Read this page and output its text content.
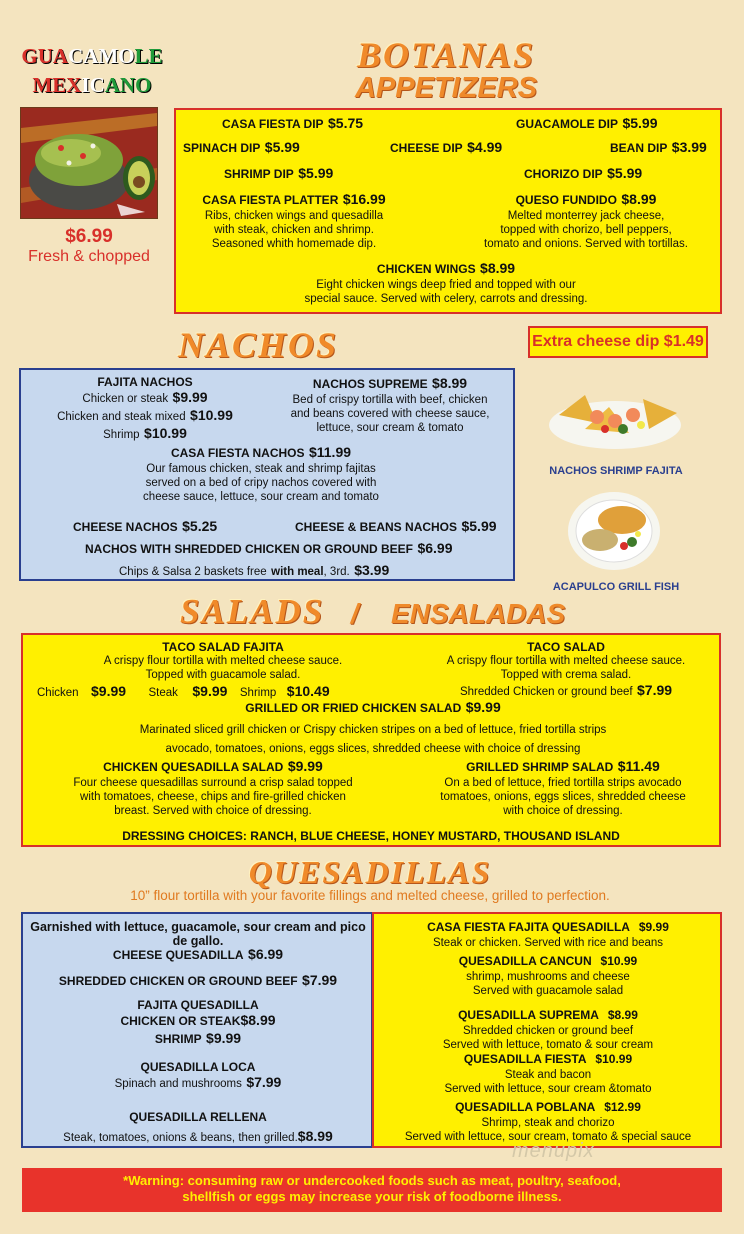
GUACAMOLE
MEXICANO
$6.99
Fresh & chopped
BOTANAS
APPETIZERS
CASA FIESTA DIP $5.75	GUACAMOLE DIP $5.99
SPINACH DIP $5.99	CHEESE DIP $4.99	BEAN DIP $3.99
SHRIMP DIP $5.99	CHORIZO DIP $5.99
CASA FIESTA PLATTER $16.99
Ribs, chicken wings and quesadilla
with steak, chicken and shrimp.
Seasoned whith homemade dip.
QUESO FUNDIDO $8.99
Melted monterrey jack cheese,
topped with chorizo, bell peppers,
tomato and onions. Served with tortillas.
CHICKEN WINGS $8.99
Eight chicken wings deep fried and topped with our
special sauce. Served with celery, carrots and dressing.
NACHOS	Extra cheese dip $1.49
FAJITA NACHOS
Chicken or steak $9.99
Chicken and steak mixed $10.99
Shrimp $10.99
NACHOS SUPREME $8.99
Bed of crispy tortilla with beef, chicken
and beans covered with cheese sauce,
lettuce, sour cream & tomato
CASA FIESTA NACHOS $11.99
Our famous chicken, steak and shrimp fajitas
served on a bed of cripy nachos covered with
cheese sauce, lettuce, sour cream and tomato
CHEESE NACHOS $5.25	CHEESE & BEANS NACHOS $5.99
NACHOS WITH SHREDDED CHICKEN OR GROUND BEEF $6.99
Chips & Salsa 2 baskets free with meal, 3rd. $3.99
NACHOS SHRIMP FAJITA
ACAPULCO GRILL FISH
SALADS / ENSALADAS
TACO SALAD FAJITA
A crispy flour tortilla with melted cheese sauce.
Topped with guacamole salad.
Chicken $9.99 Steak $9.99 Shrimp $10.49
TACO SALAD
A crispy flour tortilla with melted cheese sauce.
Topped with crema salad.
Shredded Chicken or ground beef $7.99
GRILLED OR FRIED CHICKEN SALAD $9.99
Marinated sliced grill chicken or Crispy chicken stripes on a bed of lettuce, fried tortilla strips
avocado, tomatoes, onions, eggs slices, shredded cheese with choice of dressing
CHICKEN QUESADILLA SALAD $9.99
Four cheese quesadillas surround a crisp salad topped
with tomatoes, cheese, chips and fire-grilled chicken
breast. Served with choice of dressing.
GRILLED SHRIMP SALAD $11.49
On a bed of lettuce, fried tortilla strips avocado
tomatoes, onions, eggs slices, shredded cheese
with choice of dressing.
DRESSING CHOICES: RANCH, BLUE CHEESE, HONEY MUSTARD, THOUSAND ISLAND
QUESADILLAS
10” flour tortilla with your favorite fillings and melted cheese, grilled to perfection.
Garnished with lettuce, guacamole, sour cream and pico de gallo.
CHEESE QUESADILLA $6.99
SHREDDED CHICKEN OR GROUND BEEF $7.99
FAJITA QUESADILLA
CHICKEN OR STEAK$8.99
SHRIMP $9.99
QUESADILLA LOCA
Spinach and mushrooms $7.99
QUESADILLA RELLENA
Steak, tomatoes, onions & beans, then grilled.$8.99
CASA FIESTA FAJITA QUESADILLA $9.99
Steak or chicken. Served with rice and beans
QUESADILLA CANCUN $10.99
shrimp, mushrooms and cheese
Served with guacamole salad
QUESADILLA SUPREMA $8.99
Shredded chicken or ground beef
Served with lettuce, tomato & sour cream
QUESADILLA FIESTA $10.99
Steak and bacon
Served with lettuce, sour cream &tomato
QUESADILLA POBLANA $12.99
Shrimp, steak and chorizo
Served with lettuce, sour cream, tomato & special sauce
menupix
*Warning: consuming raw or undercooked foods such as meat, poultry, seafood,
shellfish or eggs may increase your risk of foodborne illness.
